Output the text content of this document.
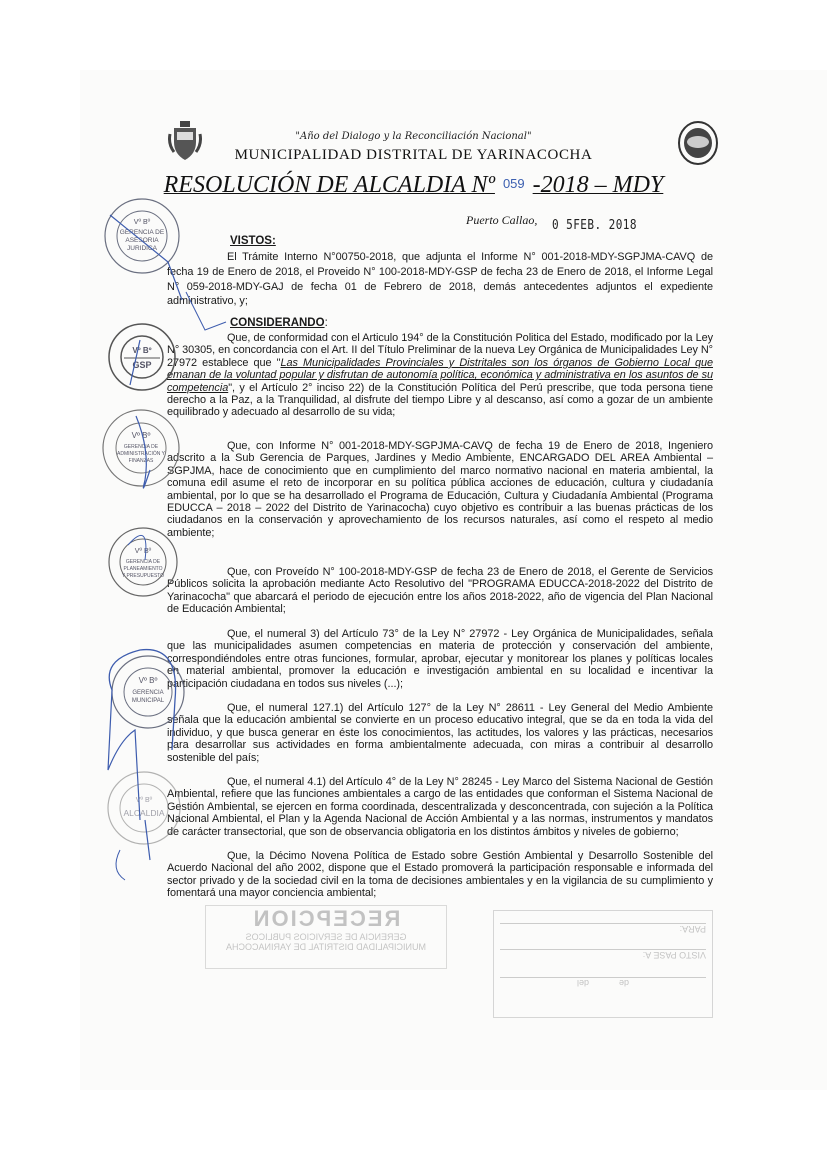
"Año del Dialogo y la Reconciliación Nacional"
MUNICIPALIDAD DISTRITAL DE YARINACOCHA
RESOLUCIÓN DE ALCALDIA Nº 059 -2018 – MDY
Puerto Callao, 0 5FEB. 2018
VISTOS:
El Trámite Interno N°00750-2018, que adjunta el Informe N° 001-2018-MDY-SGPJMA-CAVQ de fecha 19 de Enero de 2018, el Proveido N° 100-2018-MDY-GSP de fecha 23 de Enero de 2018, el Informe Legal N° 059-2018-MDY-GAJ de fecha 01 de Febrero de 2018, demás antecedentes adjuntos el expediente administrativo, y;
CONSIDERANDO:
Que, de conformidad con el Articulo 194° de la Constitución Politica del Estado, modificado por la Ley N° 30305, en concordancia con el Art. II del Título Preliminar de la nueva Ley Orgánica de Municipalidades Ley N° 27972 establece que "Las Municipalidades Provinciales y Distritales son los órganos de Gobierno Local que emanan de la voluntad popular y disfrutan de autonomía política, económica y administrativa en los asuntos de su competencia", y el Artículo 2° inciso 22) de la Constitución Política del Perú prescribe, que toda persona tiene derecho a la Paz, a la Tranquilidad, al disfrute del tiempo Libre y al descanso, así como a gozar de un ambiente equilibrado y adecuado al desarrollo de su vida;
Que, con Informe N° 001-2018-MDY-SGPJMA-CAVQ de fecha 19 de Enero de 2018, Ingeniero adscrito a la Sub Gerencia de Parques, Jardines y Medio Ambiente, ENCARGADO DEL AREA Ambiental – SGPJMA, hace de conocimiento que en cumplimiento del marco normativo nacional en materia ambiental, la comuna edil asume el reto de incorporar en su política pública acciones de educación, cultura y ciudadanía ambiental, por lo que se ha desarrollado el Programa de Educación, Cultura y Ciudadanía Ambiental (Programa EDUCCA – 2018 – 2022 del Distrito de Yarinacocha) cuyo objetivo es contribuir a las buenas prácticas de los ciudadanos en la conservación y aprovechamiento de los recursos naturales, así como el respeto al medio ambiente;
Que, con Proveído N° 100-2018-MDY-GSP de fecha 23 de Enero de 2018, el Gerente de Servicios Públicos solicita la aprobación mediante Acto Resolutivo del "PROGRAMA EDUCCA-2018-2022 del Distrito de Yarinacocha" que abarcará el periodo de ejecución entre los años 2018-2022, año de vigencia del Plan Nacional de Educación Ambiental;
Que, el numeral 3) del Artículo 73° de la Ley N° 27972 - Ley Orgánica de Municipalidades, señala que las municipalidades asumen competencias en materia de protección y conservación del ambiente, correspondiéndoles entre otras funciones, formular, aprobar, ejecutar y monitorear los planes y políticas locales en material ambiental, promover la educación e investigación ambiental en su localidad e incentivar la participación ciudadana en todos sus niveles (...);
Que, el numeral 127.1) del Artículo 127° de la Ley N° 28611 - Ley General del Medio Ambiente señala que la educación ambiental se convierte en un proceso educativo integral, que se da en toda la vida del individuo, y que busca generar en éste los conocimientos, las actitudes, los valores y las prácticas, necesarios para desarrollar sus actividades en forma ambientalmente adecuada, con miras a contribuir al desarrollo sostenible del país;
Que, el numeral 4.1) del Artículo 4° de la Ley N° 28245 - Ley Marco del Sistema Nacional de Gestión Ambiental, refiere que las funciones ambientales a cargo de las entidades que conforman el Sistema Nacional de Gestión Ambiental, se ejercen en forma coordinada, descentralizada y desconcentrada, con sujeción a la Política Nacional Ambiental, el Plan y la Agenda Nacional de Acción Ambiental y a las normas, instrumentos y mandatos de carácter transectorial, que son de observancia obligatoria en los distintos ámbitos y niveles de gobierno;
Que, la Décimo Novena Política de Estado sobre Gestión Ambiental y Desarrollo Sostenible del Acuerdo Nacional del año 2002, dispone que el Estado promoverá la participación responsable e informada del sector privado y de la sociedad civil en la toma de decisiones ambientales y en la vigilancia de su cumplimiento y fomentará una mayor conciencia ambiental;
RECEPCION
GERENCIA DE SERVICIOS PUBLICOS
MUNICIPALIDAD DISTRITAL DE YARINACOCHA
PARA:
VISTO PASE A:
de            del
Vº Bº
GERENCIA DE
ASESORIA
JURIDICA
Vº Bº
GSP
Vº Bº
GERENCIA DE
ADMINISTRACIÓN Y
FINANZAS
Vº Bº
GERENCIA DE
PLANEAMIENTO
Y PRESUPUESTO
Vº Bº
GERENCIA
MUNICIPAL
Vº Bº
ALCALDIA
